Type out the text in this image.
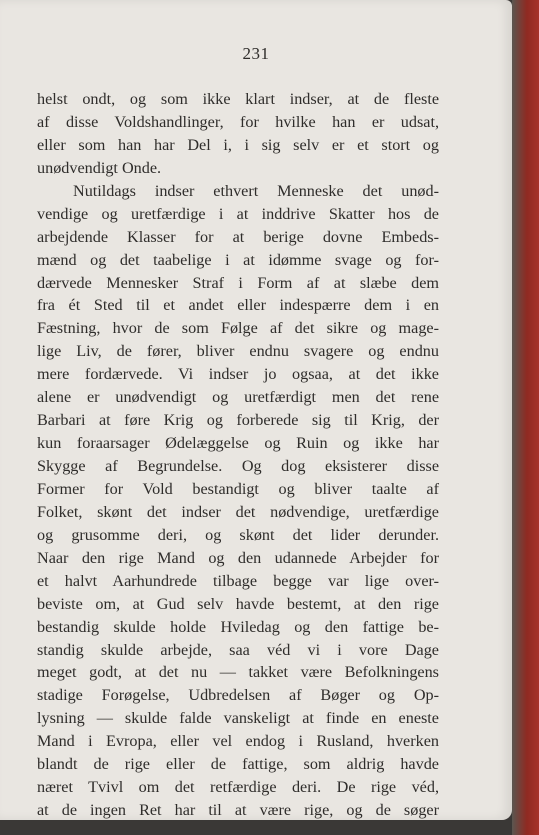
231
helst ondt, og som ikke klart indser, at de fleste
af disse Voldshandlinger, for hvilke han er udsat,
eller som han har Del i, i sig selv er et stort og
unødvendigt Onde.
Nutildags indser ethvert Menneske det unød-
vendige og uretfærdige i at inddrive Skatter hos de
arbejdende Klasser for at berige dovne Embeds-
mænd og det taabelige i at idømme svage og for-
dærvede Mennesker Straf i Form af at slæbe dem
fra ét Sted til et andet eller indespærre dem i en
Fæstning, hvor de som Følge af det sikre og mage-
lige Liv, de fører, bliver endnu svagere og endnu
mere fordærvede. Vi indser jo ogsaa, at det ikke
alene er unødvendigt og uretfærdigt men det rene
Barbari at føre Krig og forberede sig til Krig, der
kun foraarsager Ødelæggelse og Ruin og ikke har
Skygge af Begrundelse. Og dog eksisterer disse
Former for Vold bestandigt og bliver taalte af
Folket, skønt det indser det nødvendige, uretfærdige
og grusomme deri, og skønt det lider derunder.
Naar den rige Mand og den udannede Arbejder for
et halvt Aarhundrede tilbage begge var lige over-
beviste om, at Gud selv havde bestemt, at den rige
bestandig skulde holde Hviledag og den fattige be-
standig skulde arbejde, saa véd vi i vore Dage
meget godt, at det nu — takket være Befolkningens
stadige Forøgelse, Udbredelsen af Bøger og Op-
lysning — skulde falde vanskeligt at finde en eneste
Mand i Evropa, eller vel endog i Rusland, hverken
blandt de rige eller de fattige, som aldrig havde
næret Tvivl om det retfærdige deri. De rige véd,
at de ingen Ret har til at være rige, og de søger
